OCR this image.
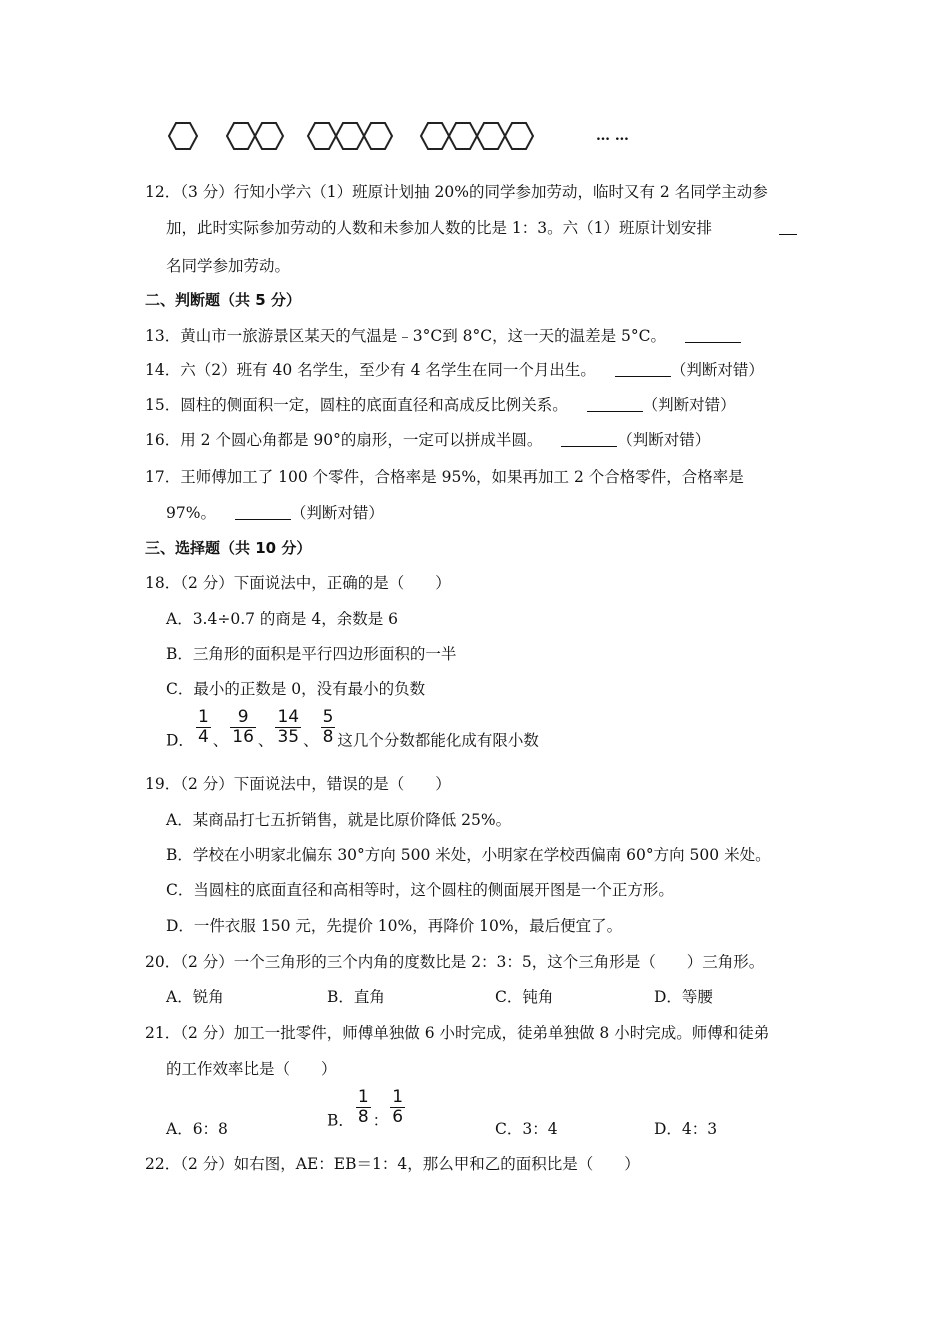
… …
12．（3 分）行知小学六（1）班原计划抽 20%的同学参加劳动，临时又有 2 名同学主动参
加，此时实际参加劳动的人数和未参加人数的比是 1：3。六（1）班原计划安排
名同学参加劳动。
二、判断题（共 5 分）
13．黄山市一旅游景区某天的气温是﹣3°C到 8°C，这一天的温差是 5°C。
14．六（2）班有 40 名学生，至少有 4 名学生在同一个月出生。	（判断对错）
15．圆柱的侧面积一定，圆柱的底面直径和高成反比例关系。	（判断对错）
16．用 2 个圆心角都是 90°的扇形，一定可以拼成半圆。	（判断对错）
17．王师傅加工了 100 个零件，合格率是 95%，如果再加工 2 个合格零件，合格率是
97%。	（判断对错）
三、选择题（共 10 分）
18．（2 分）下面说法中，正确的是（　　）
A．3.4÷0.7 的商是 4，余数是 6
B．三角形的面积是平行四边形面积的一半
C．最小的正数是 0，没有最小的负数
D． $\frac{1}{4}$ 、 $\frac{9}{16}$ 、 $\frac{14}{35}$ 、 $\frac{5}{8}$ 这几个分数都能化成有限小数
19．（2 分）下面说法中，错误的是（　　）
A．某商品打七五折销售，就是比原价降低 25%。
B．学校在小明家北偏东 30°方向 500 米处，小明家在学校西偏南 60°方向 500 米处。
C．当圆柱的底面直径和高相等时，这个圆柱的侧面展开图是一个正方形。
D．一件衣服 150 元，先提价 10%，再降价 10%，最后便宜了。
20．（2 分）一个三角形的三个内角的度数比是 2：3：5，这个三角形是（　　）三角形。
A．锐角	B．直角	C．钝角	D．等腰
21．（2 分）加工一批零件，师傅单独做 6 小时完成，徒弟单独做 8 小时完成。师傅和徒弟
的工作效率比是（　　）
A．6：8	B． $\frac{1}{8}$ ： $\frac{1}{6}$
C．3：4	D．4：3
22．（2 分）如右图，AE：EB＝1：4，那么甲和乙的面积比是（　　）
